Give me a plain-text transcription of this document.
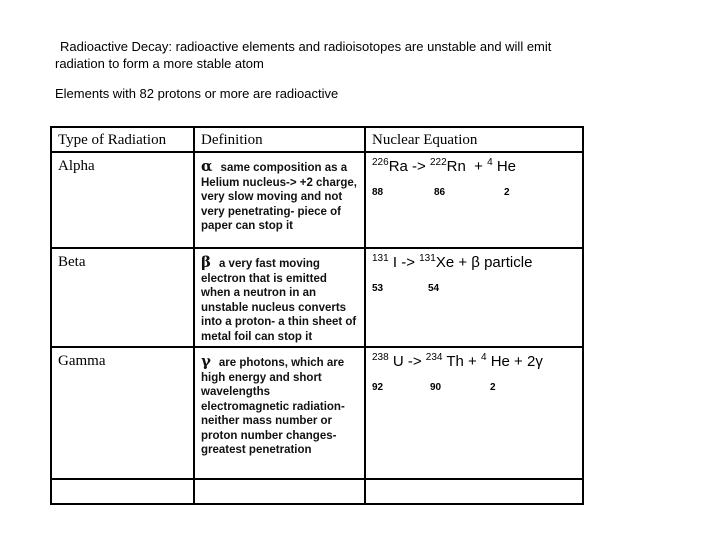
Radioactive Decay: radioactive elements and radioisotopes are unstable and will emit
radiation to form a more stable atom
Elements with 82 protons or more are radioactive
Type of Radiation	Definition	Nuclear Equation
Alpha	α same composition as a Helium nucleus-> +2 charge, very slow moving and not very penetrating- piece of paper can stop it	$^{226}$Ra -> $^{222}$Rn  + $^4$ He
88 86 2

Beta	β a very fast moving electron that is emitted when a neutron in an unstable nucleus converts into a proton- a thin sheet of metal foil can stop it	$^{131}$ I -> $^{131}$Xe + β particle
53 54

Gamma	γ are photons, which are high energy and short wavelengths electromagnetic radiation- neither mass number or proton number changes- greatest penetration	$^{238}$ U -> $^{234}$ Th + $^4$ He + 2γ
92 90 2
